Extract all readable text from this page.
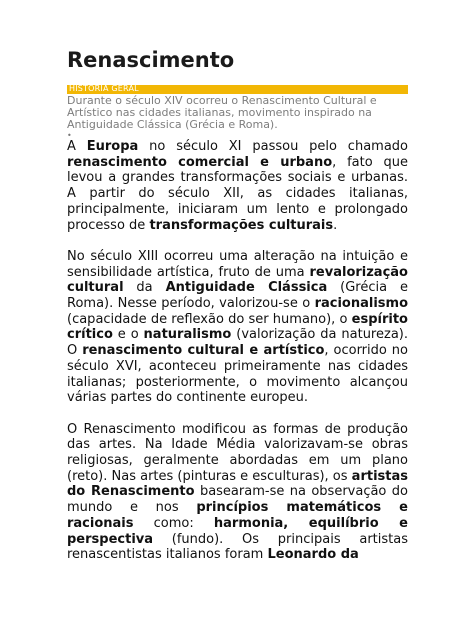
Renascimento
HISTÓRIA GERAL
Durante o século XIV ocorreu o Renascimento Cultural e Artístico nas cidades italianas, movimento inspirado na Antiguidade Clássica (Grécia e Roma).
•

A Europa no século XI passou pelo chamado renascimento comercial e urbano, fato que levou a grandes transformações sociais e urbanas. A partir do século XII, as cidades italianas, principalmente, iniciaram um lento e prolongado processo de transformações culturais.

No século XIII ocorreu uma alteração na intuição e sensibilidade artística, fruto de uma revalorização cultural da Antiguidade Clássica (Grécia e Roma). Nesse período, valorizou-se o racionalismo (capacidade de reflexão do ser humano), o espírito crítico e o naturalismo (valorização da natureza). O renascimento cultural e artístico, ocorrido no século XVI, aconteceu primeiramente nas cidades italianas; posteriormente, o movimento alcançou várias partes do continente europeu.

O Renascimento modificou as formas de produção das artes. Na Idade Média valorizavam-se obras religiosas, geralmente abordadas em um plano (reto). Nas artes (pinturas e esculturas), os artistas do Renascimento basearam-se na observação do mundo e nos princípios matemáticos e racionais como: harmonia, equilíbrio e perspectiva (fundo). Os principais artistas renascentistas italianos foram Leonardo da
